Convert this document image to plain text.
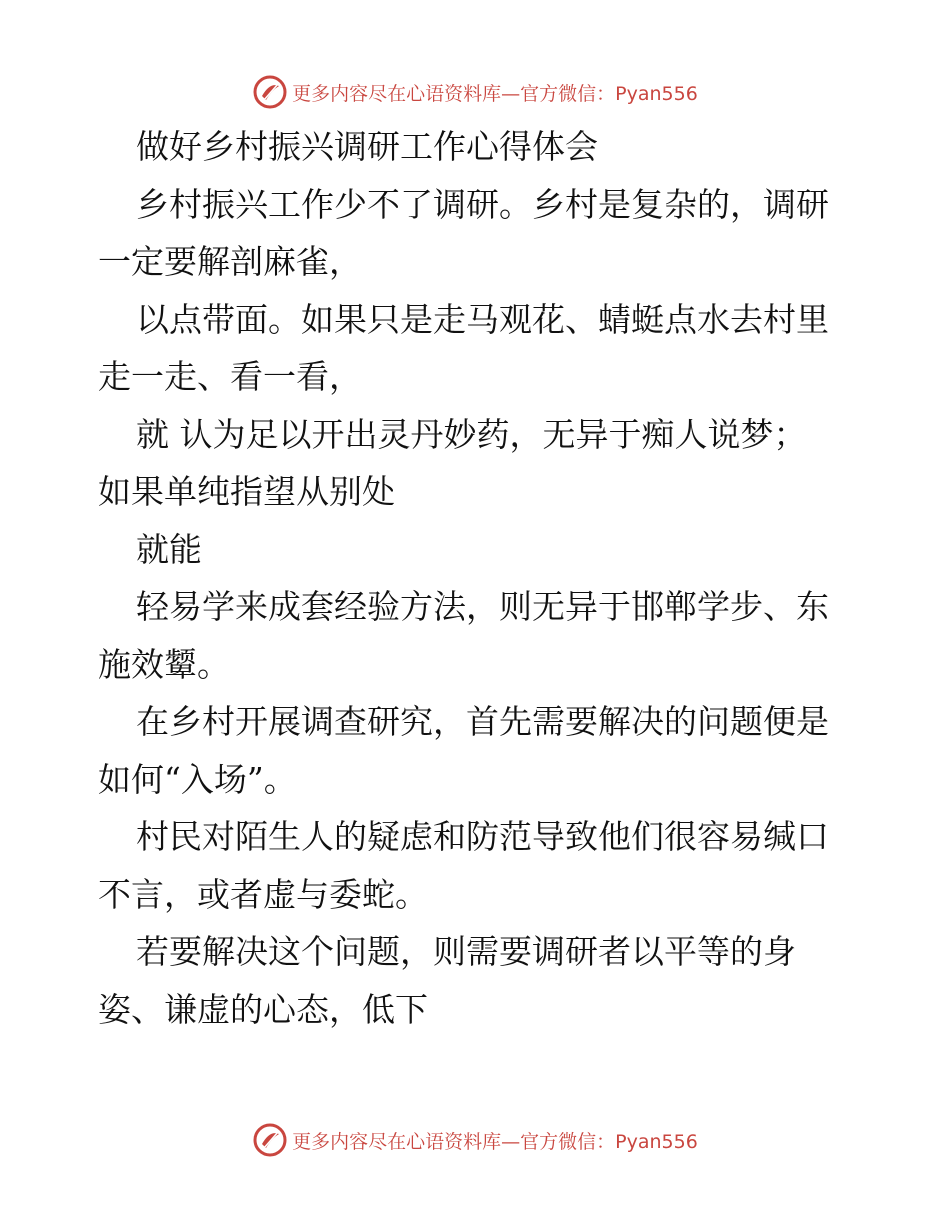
更多内容尽在心语资料库—官方微信：Pyan556
做好乡村振兴调研工作心得体会
乡村振兴工作少不了调研。乡村是复杂的，调研
一定要解剖麻雀，
以点带面。如果只是走马观花、蜻蜓点水去村里
走一走、看一看，
就 认为足以开出灵丹妙药，无异于痴人说梦；
如果单纯指望从别处
就能
轻易学来成套经验方法，则无异于邯郸学步、东
施效颦。
在乡村开展调查研究，首先需要解决的问题便是
如何“入场”。
村民对陌生人的疑虑和防范导致他们很容易缄口
不言，或者虚与委蛇。
若要解决这个问题，则需要调研者以平等的身
姿、谦虚的心态，低下
更多内容尽在心语资料库—官方微信：Pyan556
